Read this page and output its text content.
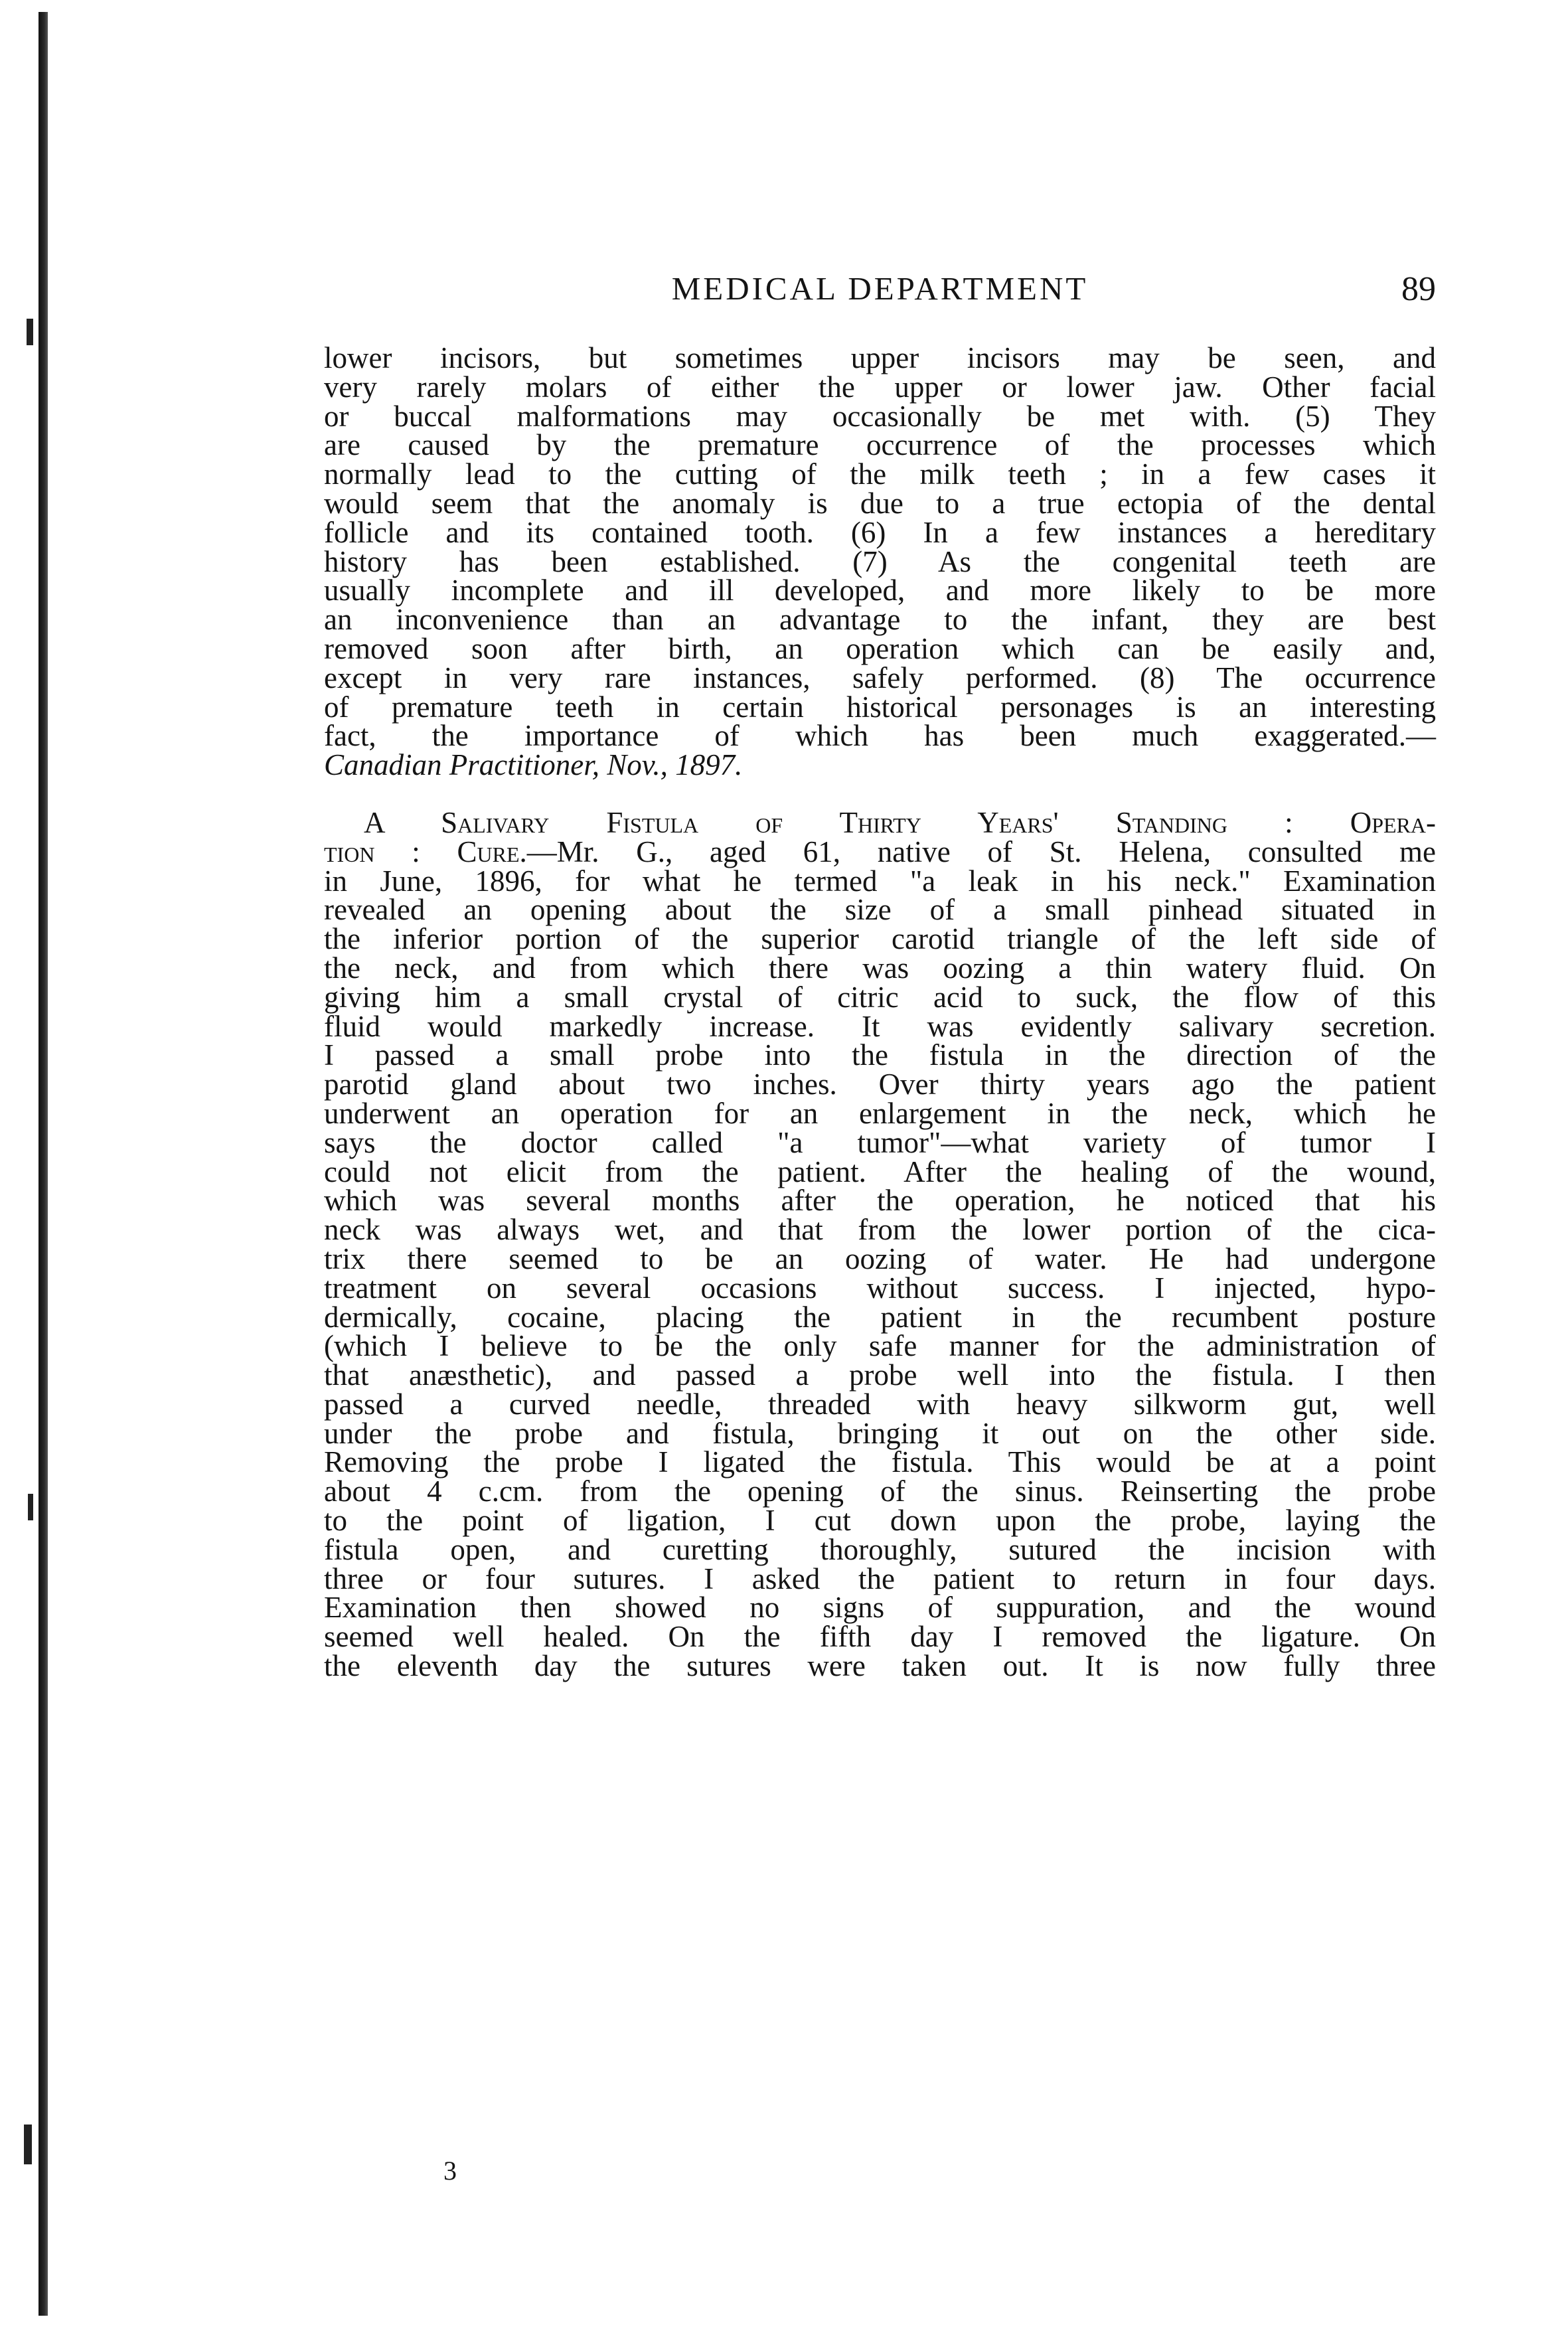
MEDICAL DEPARTMENT	89
lower incisors, but sometimes upper incisors may be seen, and
very rarely molars of either the upper or lower jaw. Other facial
or buccal malformations may occasionally be met with. (5) They
are caused by the premature occurrence of the processes which
normally lead to the cutting of the milk teeth ; in a few cases it
would seem that the anomaly is due to a true ectopia of the dental
follicle and its contained tooth. (6) In a few instances a hereditary
history has been established. (7) As the congenital teeth are
usually incomplete and ill developed, and more likely to be more
an inconvenience than an advantage to the infant, they are best
removed soon after birth, an operation which can be easily and,
except in very rare instances, safely performed. (8) The occurrence
of premature teeth in certain historical personages is an interesting
fact, the importance of which has been much exaggerated.—
Canadian Practitioner, Nov., 1897.
A Salivary Fistula of Thirty Years' Standing : Opera-
tion : Cure.—Mr. G., aged 61, native of St. Helena, consulted me
in June, 1896, for what he termed "a leak in his neck." Examination
revealed an opening about the size of a small pinhead situated in
the inferior portion of the superior carotid triangle of the left side of
the neck, and from which there was oozing a thin watery fluid. On
giving him a small crystal of citric acid to suck, the flow of this
fluid would markedly increase. It was evidently salivary secretion.
I passed a small probe into the fistula in the direction of the
parotid gland about two inches. Over thirty years ago the patient
underwent an operation for an enlargement in the neck, which he
says the doctor called "a tumor"—what variety of tumor I
could not elicit from the patient. After the healing of the wound,
which was several months after the operation, he noticed that his
neck was always wet, and that from the lower portion of the cica-
trix there seemed to be an oozing of water. He had undergone
treatment on several occasions without success. I injected, hypo-
dermically, cocaine, placing the patient in the recumbent posture
(which I believe to be the only safe manner for the administration of
that anæsthetic), and passed a probe well into the fistula. I then
passed a curved needle, threaded with heavy silkworm gut, well
under the probe and fistula, bringing it out on the other side.
Removing the probe I ligated the fistula. This would be at a point
about 4 c.cm. from the opening of the sinus. Reinserting the probe
to the point of ligation, I cut down upon the probe, laying the
fistula open, and curetting thoroughly, sutured the incision with
three or four sutures. I asked the patient to return in four days.
Examination then showed no signs of suppuration, and the wound
seemed well healed. On the fifth day I removed the ligature. On
the eleventh day the sutures were taken out. It is now fully three
3
